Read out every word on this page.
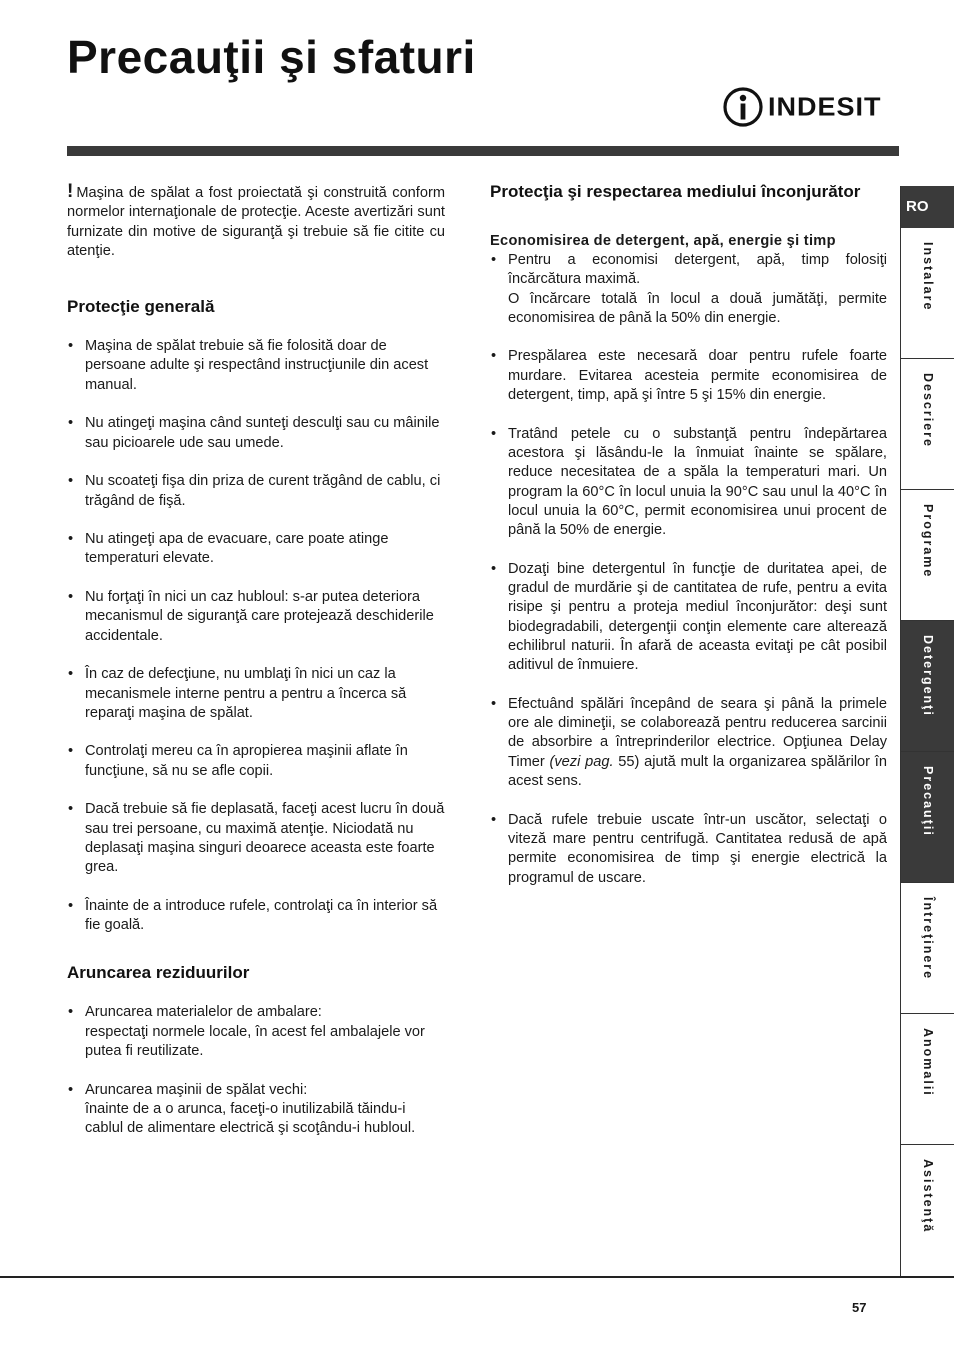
Precauţii şi sfaturi
INDESIT

! Maşina de spălat a fost proiectată şi construită conform normelor internaţionale de protecţie. Aceste avertizări sunt furnizate din motive de siguranţă şi trebuie să fie citite cu atenţie.

Protecţie generală
• Maşina de spălat trebuie să fie folosită doar de persoane adulte şi respectând instrucţiunile din acest manual.
• Nu atingeţi maşina când sunteţi desculţi sau cu mâinile sau picioarele ude sau umede.
• Nu scoateţi fişa din priza de curent trăgând de cablu, ci trăgând de fişă.
• Nu atingeţi apa de evacuare, care poate atinge temperaturi elevate.
• Nu forţaţi în nici un caz hubloul: s-ar putea deteriora mecanismul de siguranţă care protejează deschiderile accidentale.
• În caz de defecţiune, nu umblaţi în nici un caz la mecanismele interne pentru a pentru a încerca să reparaţi maşina de spălat.
• Controlaţi mereu ca în apropierea maşinii aflate în funcţiune, să nu se afle copii.
• Dacă trebuie să fie deplasată, faceţi acest lucru în două sau trei persoane, cu maximă atenţie. Niciodată nu deplasaţi maşina singuri deoarece aceasta este foarte grea.
• Înainte de a introduce rufele, controlaţi ca în interior să fie goală.
Aruncarea reziduurilor
• Aruncarea materialelor de ambalare:
respectaţi normele locale, în acest fel ambalajele vor putea fi reutilizate.
• Aruncarea maşinii de spălat vechi:
înainte de a o arunca, faceţi-o inutilizabilă tăindu-i cablul de alimentare electrică şi scoţându-i hubloul.
Protecţia şi respectarea mediului înconjurător
Economisirea de detergent, apă, energie şi timp
• Pentru a economisi detergent, apă, timp folosiţi încărcătura maximă.
O încărcare totală în locul a două jumătăţi, permite economisirea de până la 50% din energie.
• Prespălarea este necesară doar pentru rufele foarte murdare. Evitarea acesteia permite economisirea de detergent, timp, apă şi între 5 şi 15% din energie.
• Tratând petele cu o substanţă pentru îndepărtarea acestora şi lăsându-le la înmuiat înainte se spălare, reduce necesitatea de a spăla la temperaturi mari. Un program la 60°C în locul unuia la 90°C sau unul la 40°C în locul unuia la 60°C, permit economisirea unui procent de până la 50% de energie.
• Dozaţi bine detergentul în funcţie de duritatea apei, de gradul de murdărie şi de cantitatea de rufe, pentru a evita risipe şi pentru a proteja mediul înconjurător: deşi sunt biodegradabili, detergenţii conţin elemente care alterează echilibrul naturii. În afară de aceasta evitaţi pe cât posibil aditivul de înmuiere.
• Efectuând spălări începând de seara şi până la primele ore ale dimineţii, se colaborează pentru reducerea sarcinii de absorbire a întreprinderilor electrice. Opţiunea Delay Timer (vezi pag. 55) ajută mult la organizarea spălărilor în acest sens.
• Dacă rufele trebuie uscate într-un uscător, selectaţi o viteză mare pentru centrifugă. Cantitatea redusă de apă permite economisirea de timp şi energie electrică la programul de uscare.
RO
Instalare
Descriere
Programe
Detergenţi
Precauţii
Întreţinere
Anomalii
Asistenţă
57
